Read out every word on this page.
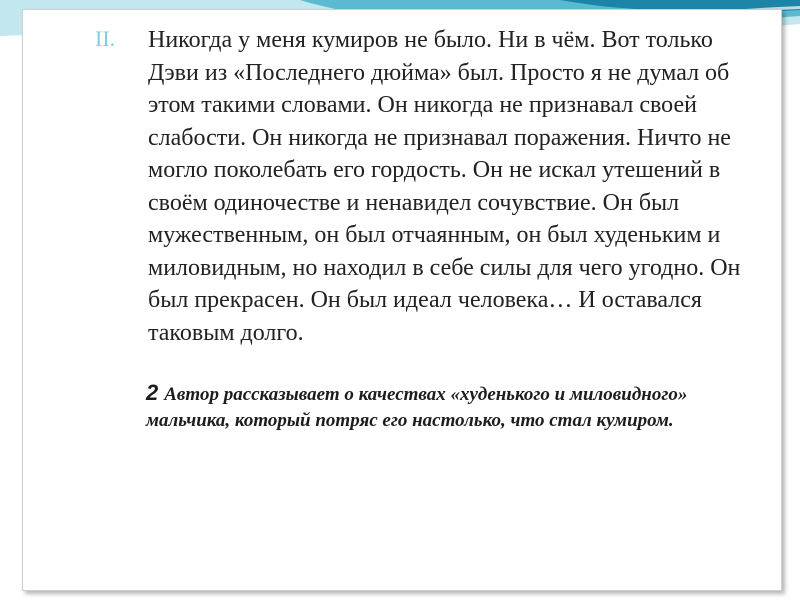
II. Никогда у меня кумиров не было. Ни в чём. Вот только Дэви из «Последнего дюйма» был. Просто я не думал об этом такими словами. Он никогда не признавал своей слабости. Он никогда не признавал поражения. Ничто не могло поколебать его гордость. Он не искал утешений в своём одиночестве и ненавидел сочувствие. Он был мужественным, он был отчаянным, он был худеньким и миловидным, но находил в себе силы для чего угодно. Он был прекрасен. Он был идеал человека… И оставался таковым долго.
2 Автор рассказывает о качествах «худенького и миловидного» мальчика, который потряс его настолько, что стал кумиром.
